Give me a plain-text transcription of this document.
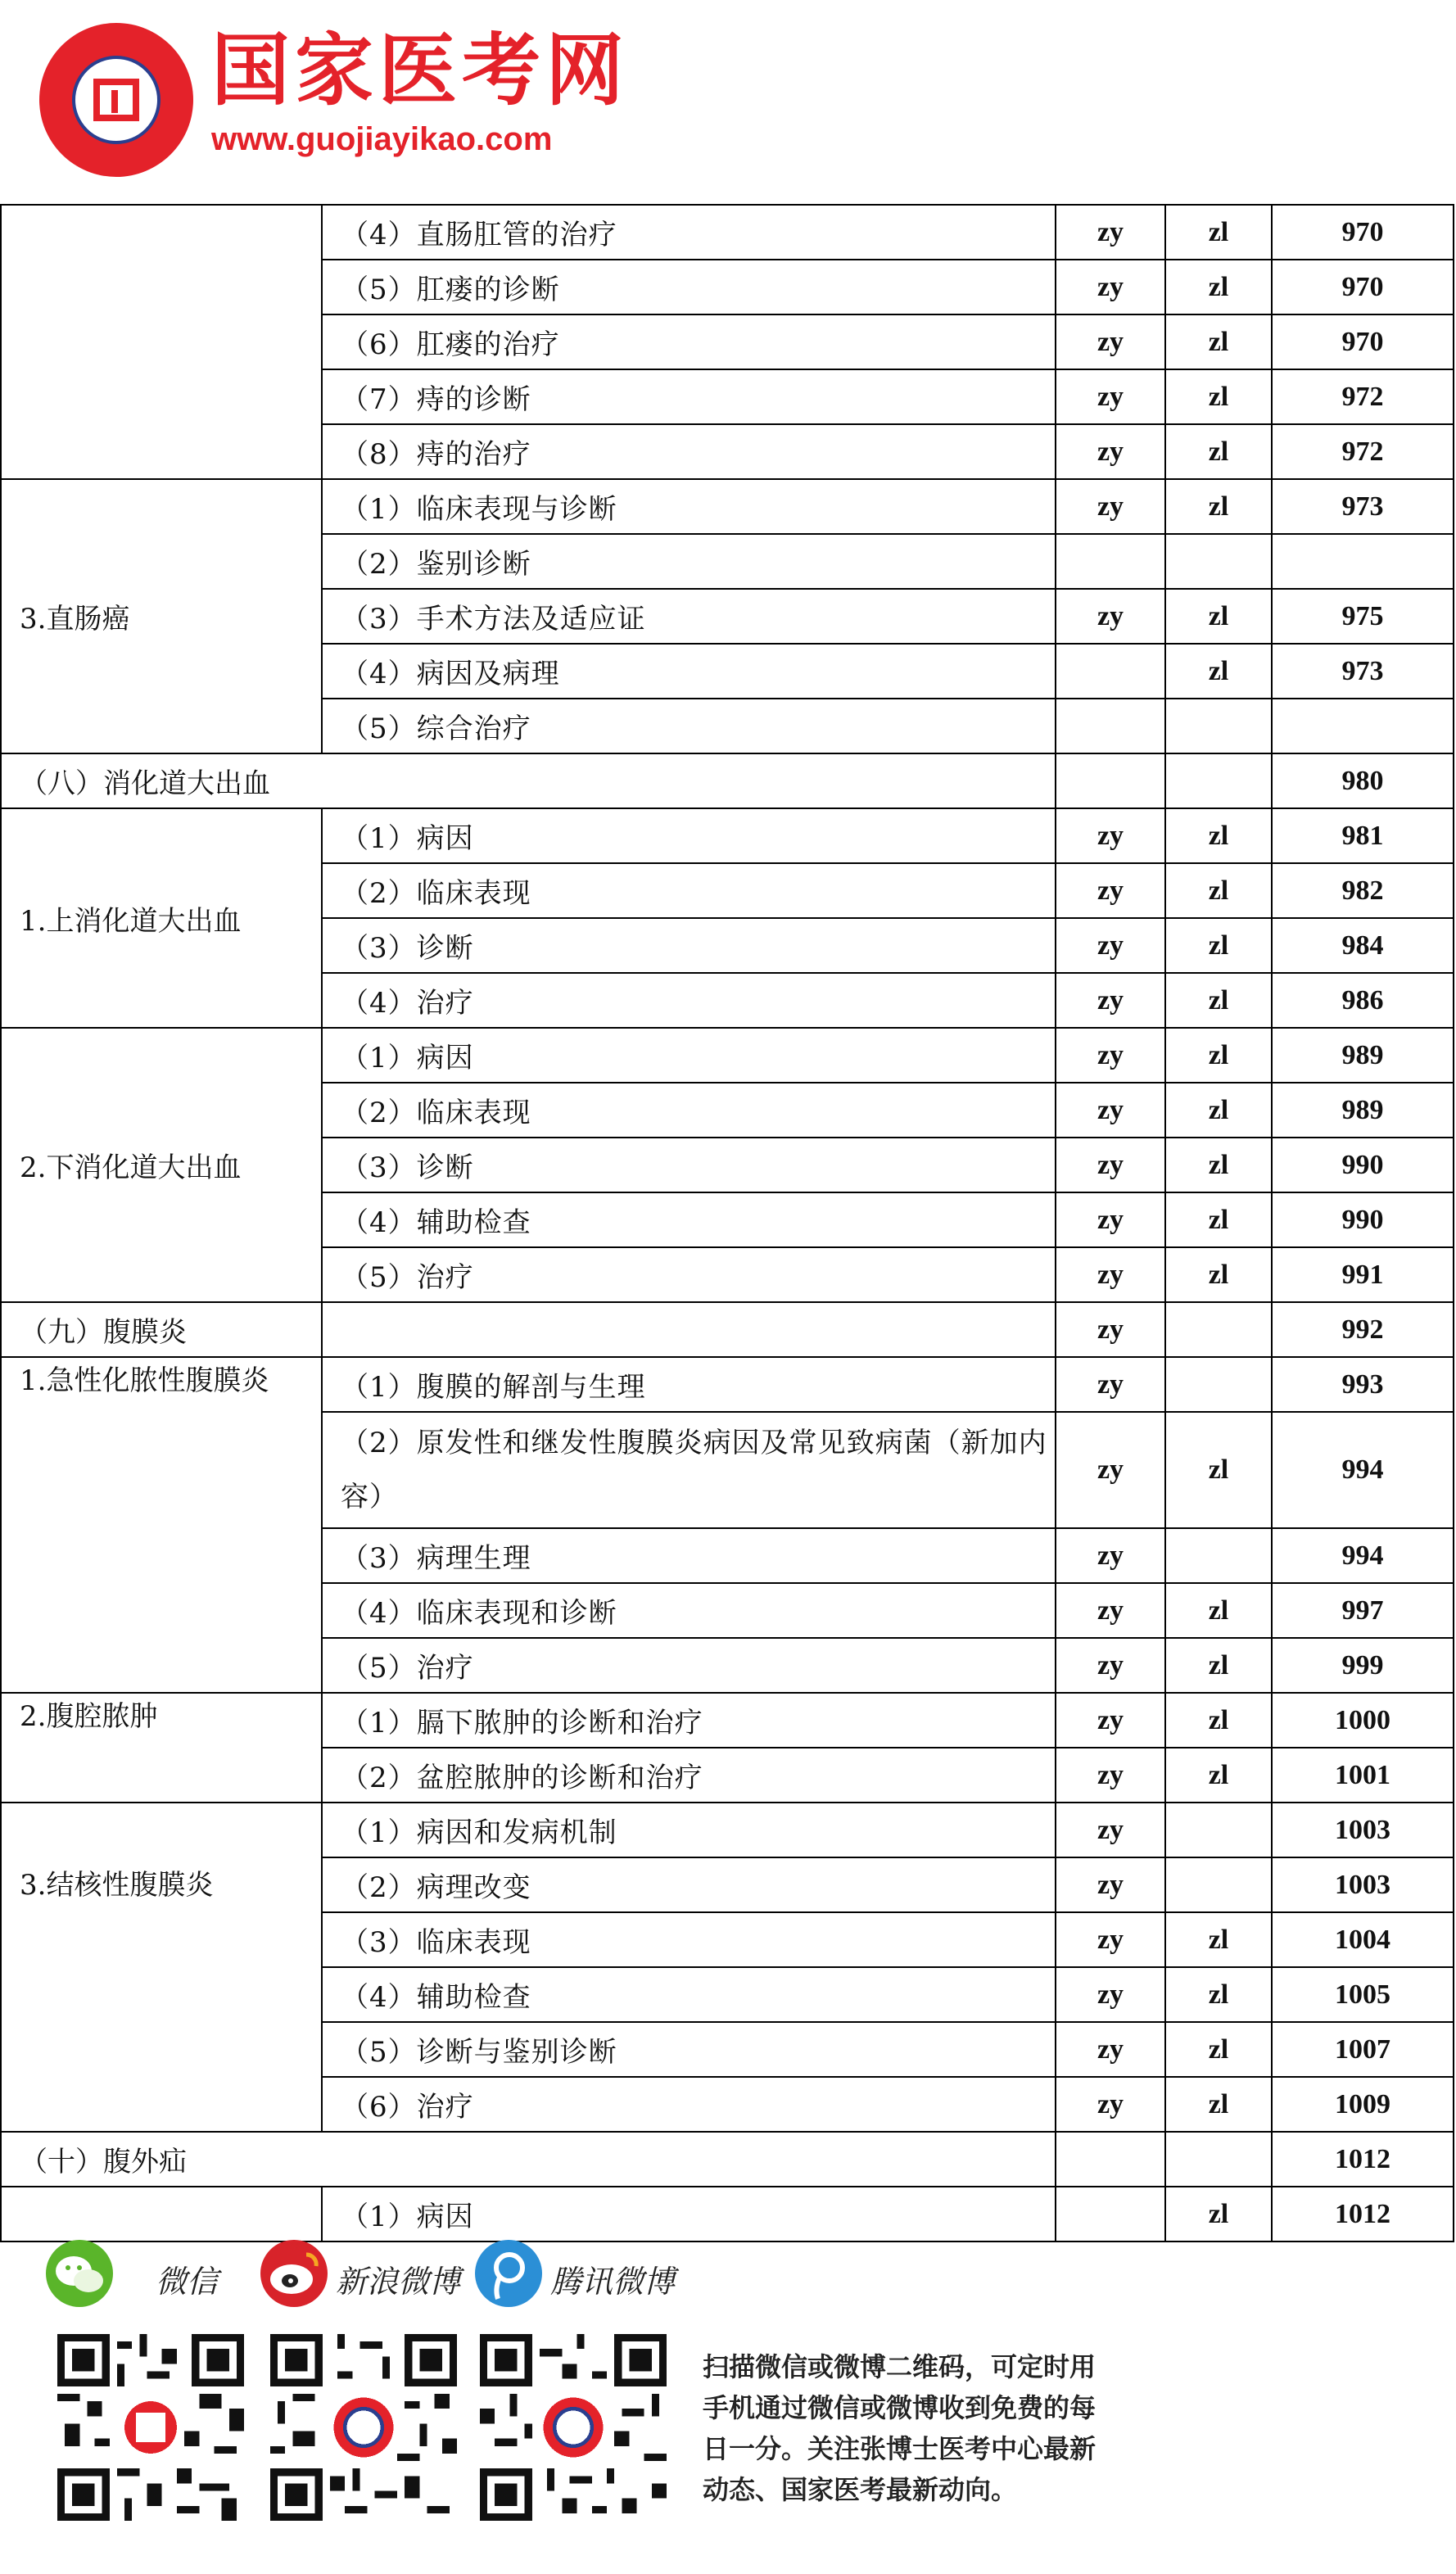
国家医考网
www.guojiayikao.com
	（4）直肠肛管的治疗	zy	zl	970
	（5）肛瘘的诊断	zy	zl	970
	（6）肛瘘的治疗	zy	zl	970
	（7）痔的诊断	zy	zl	972
	（8）痔的治疗	zy	zl	972
3.直肠癌	（1）临床表现与诊断	zy	zl	973
	（2）鉴别诊断			
	（3）手术方法及适应证	zy	zl	975
	（4）病因及病理		zl	973
	（5）综合治疗			
（八）消化道大出血				980
1.上消化道大出血	（1）病因	zy	zl	981
	（2）临床表现	zy	zl	982
	（3）诊断	zy	zl	984
	（4）治疗	zy	zl	986
2.下消化道大出血	（1）病因	zy	zl	989
	（2）临床表现	zy	zl	989
	（3）诊断	zy	zl	990
	（4）辅助检查	zy	zl	990
	（5）治疗	zy	zl	991
（九）腹膜炎		zy		992
1.急性化脓性腹膜炎	（1）腹膜的解剖与生理	zy		993
	（2）原发性和继发性腹膜炎病因及常见致病菌（新加内容）	zy	zl	994
	（3）病理生理	zy		994
	（4）临床表现和诊断	zy	zl	997
	（5）治疗	zy	zl	999
2.腹腔脓肿	（1）膈下脓肿的诊断和治疗	zy	zl	1000
	（2）盆腔脓肿的诊断和治疗	zy	zl	1001
3.结核性腹膜炎	（1）病因和发病机制	zy		1003
	（2）病理改变	zy		1003
	（3）临床表现	zy	zl	1004
	（4）辅助检查	zy	zl	1005
	（5）诊断与鉴别诊断	zy	zl	1007
	（6）治疗	zy	zl	1009
（十）腹外疝				1012
	（1）病因		zl	1012
微信	新浪微博	腾讯微博
扫描微信或微博二维码，可定时用
手机通过微信或微博收到免费的每
日一分。关注张博士医考中心最新
动态、国家医考最新动向。
